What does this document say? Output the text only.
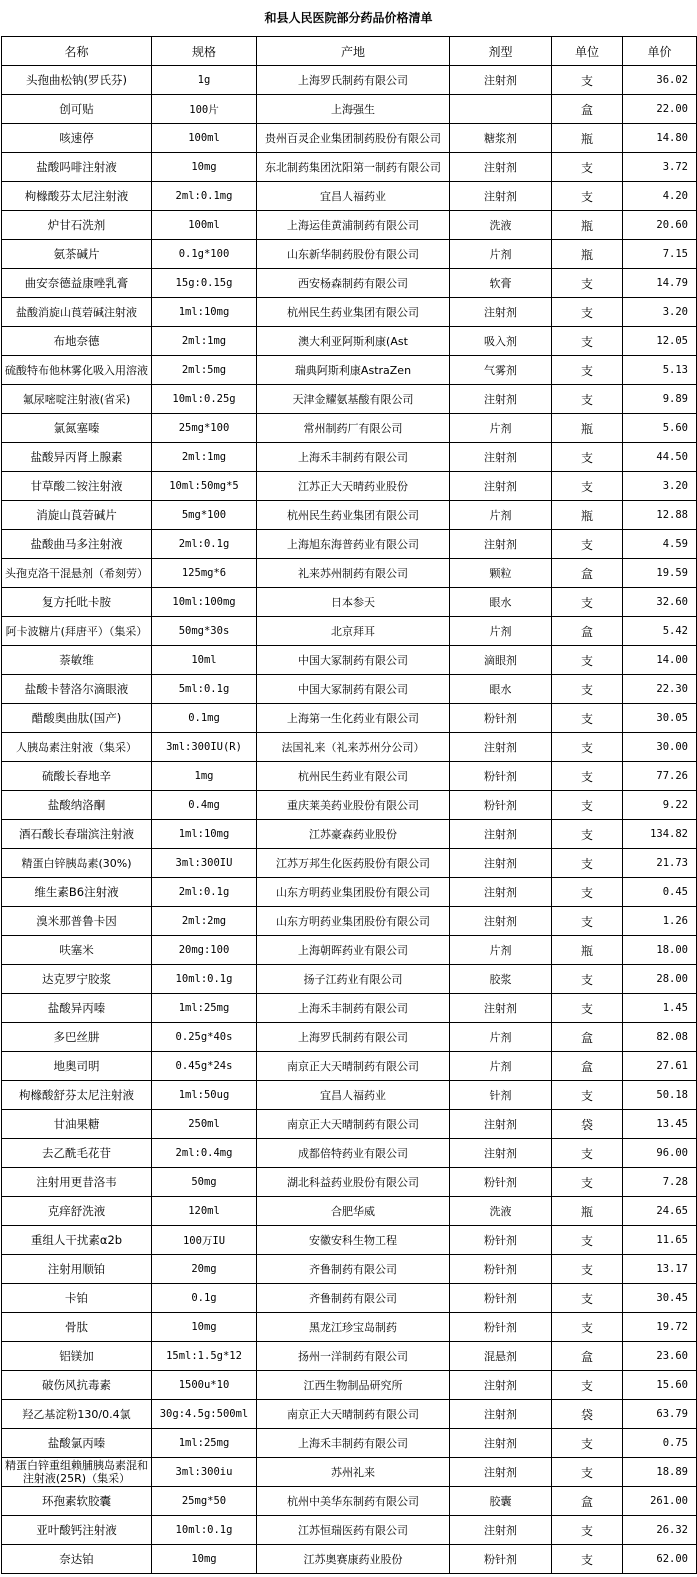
和县人民医院部分药品价格清单
名称	规格	产地	剂型	单位	单价
头孢曲松钠(罗氏芬)	1g	上海罗氏制药有限公司	注射剂	支	36.02
创可贴	100片	上海强生		盒	22.00
咳速停	100ml	贵州百灵企业集团制药股份有限公司	糖浆剂	瓶	14.80
盐酸吗啡注射液	10mg	东北制药集团沈阳第一制药有限公司	注射剂	支	3.72
枸橼酸芬太尼注射液	2ml:0.1mg	宜昌人福药业	注射剂	支	4.20
炉甘石洗剂	100ml	上海运佳黄浦制药有限公司	洗液	瓶	20.60
氨茶碱片	0.1g*100	山东新华制药股份有限公司	片剂	瓶	7.15
曲安奈德益康唑乳膏	15g:0.15g	西安杨森制药有限公司	软膏	支	14.79
盐酸消旋山莨菪碱注射液	1ml:10mg	杭州民生药业集团有限公司	注射剂	支	3.20
布地奈德	2ml:1mg	澳大利亚阿斯利康(Ast	吸入剂	支	12.05
硫酸特布他林雾化吸入用溶液	2ml:5mg	瑞典阿斯利康AstraZen	气雾剂	支	5.13
氟尿嘧啶注射液(省采)	10ml:0.25g	天津金耀氨基酸有限公司	注射剂	支	9.89
氯氮塞嗪	25mg*100	常州制药厂有限公司	片剂	瓶	5.60
盐酸异丙肾上腺素	2ml:1mg	上海禾丰制药有限公司	注射剂	支	44.50
甘草酸二铵注射液	10ml:50mg*5	江苏正大天晴药业股份	注射剂	支	3.20
消旋山莨菪碱片	5mg*100	杭州民生药业集团有限公司	片剂	瓶	12.88
盐酸曲马多注射液	2ml:0.1g	上海旭东海普药业有限公司	注射剂	支	4.59
头孢克洛干混悬剂（希刻劳）	125mg*6	礼来苏州制药有限公司	颗粒	盒	19.59
复方托吡卡胺	10ml:100mg	日本参天	眼水	支	32.60
阿卡波糖片(拜唐平）（集采）	50mg*30s	北京拜耳	片剂	盒	5.42
萘敏维	10ml	中国大冢制药有限公司	滴眼剂	支	14.00
盐酸卡替洛尔滴眼液	5ml:0.1g	中国大冢制药有限公司	眼水	支	22.30
醋酸奥曲肽(国产)	0.1mg	上海第一生化药业有限公司	粉针剂	支	30.05
人胰岛素注射液（集采）	3ml:300IU(R)	法国礼来（礼来苏州分公司）	注射剂	支	30.00
硫酸长春地辛	1mg	杭州民生药业有限公司	粉针剂	支	77.26
盐酸纳洛酮	0.4mg	重庆莱美药业股份有限公司	粉针剂	支	9.22
酒石酸长春瑞滨注射液	1ml:10mg	江苏豪森药业股份	注射剂	支	134.82
精蛋白锌胰岛素(30%)	3ml:300IU	江苏万邦生化医药股份有限公司	注射剂	支	21.73
维生素B6注射液	2ml:0.1g	山东方明药业集团股份有限公司	注射剂	支	0.45
溴米那普鲁卡因	2ml:2mg	山东方明药业集团股份有限公司	注射剂	支	1.26
呋塞米	20mg:100	上海朝晖药业有限公司	片剂	瓶	18.00
达克罗宁胶浆	10ml:0.1g	扬子江药业有限公司	胶浆	支	28.00
盐酸异丙嗪	1ml:25mg	上海禾丰制药有限公司	注射剂	支	1.45
多巴丝肼	0.25g*40s	上海罗氏制药有限公司	片剂	盒	82.08
地奥司明	0.45g*24s	南京正大天晴制药有限公司	片剂	盒	27.61
枸橼酸舒芬太尼注射液	1ml:50ug	宜昌人福药业	针剂	支	50.18
甘油果糖	250ml	南京正大天晴制药有限公司	注射剂	袋	13.45
去乙酰毛花苷	2ml:0.4mg	成都倍特药业有限公司	注射剂	支	96.00
注射用更昔洛韦	50mg	湖北科益药业股份有限公司	粉针剂	支	7.28
克痒舒洗液	120ml	合肥华威	洗液	瓶	24.65
重组人干扰素α2b	100万IU	安徽安科生物工程	粉针剂	支	11.65
注射用顺铂	20mg	齐鲁制药有限公司	粉针剂	支	13.17
卡铂	0.1g	齐鲁制药有限公司	粉针剂	支	30.45
骨肽	10mg	黑龙江珍宝岛制药	粉针剂	支	19.72
铝镁加	15ml:1.5g*12	扬州一洋制药有限公司	混悬剂	盒	23.60
破伤风抗毒素	1500u*10	江西生物制品研究所	注射剂	支	15.60
羟乙基淀粉130/0.4氯	30g:4.5g:500ml	南京正大天晴制药有限公司	注射剂	袋	63.79
盐酸氯丙嗪	1ml:25mg	上海禾丰制药有限公司	注射剂	支	0.75
精蛋白锌重组赖脯胰岛素混和注射液(25R)（集采）	3ml:300iu	苏州礼来	注射剂	支	18.89
环孢素软胶囊	25mg*50	杭州中美华东制药有限公司	胶囊	盒	261.00
亚叶酸钙注射液	10ml:0.1g	江苏恒瑞医药有限公司	注射剂	支	26.32
奈达铂	10mg	江苏奥赛康药业股份	粉针剂	支	62.00
